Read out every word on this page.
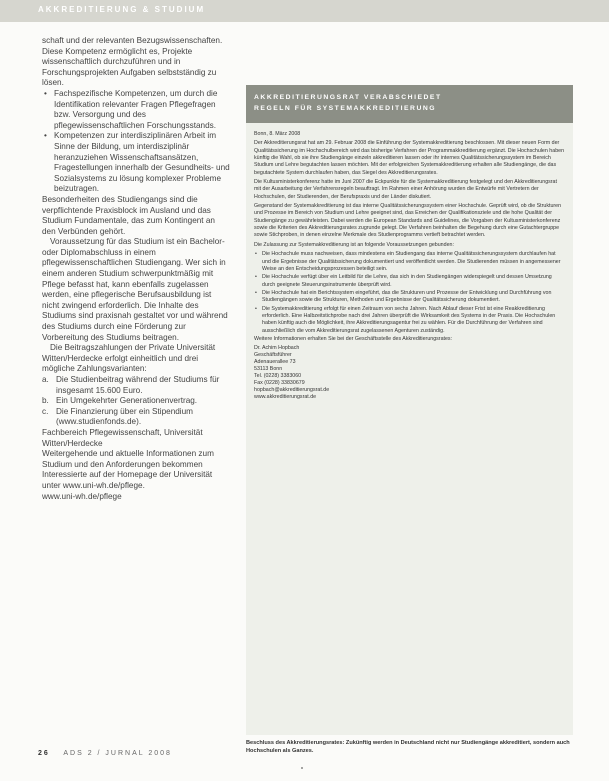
AKKREDITIERUNG & STUDIUM

schaft und der relevanten Bezugswissenschaften. Diese Kompetenz ermöglicht es, Projekte wissenschaftlich durchzuführen und in Forschungsprojekten Aufgaben selbstständig zu lösen.

• Fachspezifische Kompetenzen, um durch die Identifikation relevanter Fragen Pflegefragen bzw. Versorgung und des pflegewissenschaftlichen Forschungsstands.
• Kompetenzen zur interdisziplinären Arbeit im Sinne der Bildung, um interdisziplinär heranzuziehen Wissenschaftsansätzen, Fragestellungen innerhalb der Gesundheits- und Sozialsystems zu lösung komplexer Probleme beizutragen.

Besonderheiten des Studiengangs sind die verpflichtende Praxisblock im Ausland und das Studium Fundamentale, das zum Kontingent an den Verbünden gehört.

Voraussetzung für das Studium ist ein Bachelor- oder Diplomabschluss in einem pflegewissenschaftlichen Studiengang. Wer sich in einem anderen Studium schwerpunktmäßig mit Pflege befasst hat, kann ebenfalls zugelassen werden, eine pflegerische Berufsausbildung ist nicht zwingend erforderlich. Die Inhalte des Studiums sind praxisnah gestaltet vor und während des Studiums durch eine Förderung zur Vorbereitung des Studiums beitragen.

Die Beitragszahlungen der Private Universität Witten/Herdecke erfolgt einheitlich und drei mögliche Zahlungsvarianten:

a. Die Studienbeitrag während der Studiums für insgesamt 15.600 Euro.
b. Ein Umgekehrter Generationenvertrag.
c. Die Finanzierung über ein Stipendium (www.studienfonds.de).

Fachbereich Pflegewissenschaft, Universität Witten/Herdecke

Weitergehende und aktuelle Informationen zum Studium und den Anforderungen bekommen Interessierte auf der Homepage der Universität unter www.uni-wh.de/pflege.

www.uni-wh.de/pflege

AKKREDITIERUNGSRAT VERABSCHIEDET
REGELN FÜR SYSTEMAKKREDITIERUNG

Bonn, 8. März 2008

Der Akkreditierungsrat hat am 29. Februar 2008 die Einführung der Systemakkreditierung beschlossen. Mit dieser neuen Form der Qualitätssicherung im Hochschulbereich wird das bisherige Verfahren der Programmakkreditierung ergänzt. Die Hochschulen haben künftig die Wahl, ob sie ihre Studiengänge einzeln akkreditieren lassen oder ihr internes Qualitätssicherungssystem im Bereich Studium und Lehre begutachten lassen möchten. Mit der erfolgreichen Systemakkreditierung erhalten alle Studiengänge, die das begutachtete System durchlaufen haben, das Siegel des Akkreditierungsrates.

Die Kultusministerkonferenz hatte im Juni 2007 die Eckpunkte für die Systemakkreditierung festgelegt und den Akkreditierungsrat mit der Ausarbeitung der Verfahrensregeln beauftragt. Im Rahmen einer Anhörung wurden die Entwürfe mit Vertretern der Hochschulen, der Studierenden, der Berufspraxis und der Länder diskutiert.

Gegenstand der Systemakkreditierung ist das interne Qualitätssicherungssystem einer Hochschule. Geprüft wird, ob die Strukturen und Prozesse im Bereich von Studium und Lehre geeignet sind, das Erreichen der Qualifikationsziele und die hohe Qualität der Studiengänge zu gewährleisten. Dabei werden die European Standards and Guidelines, die Vorgaben der Kultusministerkonferenz sowie die Kriterien des Akkreditierungsrates zugrunde gelegt. Die Verfahren beinhalten die Begehung durch eine Gutachtergruppe sowie Stichproben, in denen einzelne Merkmale des Studienprogramms vertieft betrachtet werden.

Die Zulassung zur Systemakkreditierung ist an folgende Voraussetzungen gebunden:

• Die Hochschule muss nachweisen, dass mindestens ein Studiengang das interne Qualitätssicherungssystem durchlaufen hat und die Ergebnisse der Qualitätssicherung dokumentiert und veröffentlicht werden. Die Studierenden müssen in angemessener Weise an den Entscheidungsprozessen beteiligt sein.
• Die Hochschule verfügt über ein Leitbild für die Lehre, das sich in den Studiengängen widerspiegelt und dessen Umsetzung durch geeignete Steuerungsinstrumente überprüft wird.
• Die Hochschule hat ein Berichtssystem eingeführt, das die Strukturen und Prozesse der Entwicklung und Durchführung von Studiengängen sowie die Strukturen, Methoden und Ergebnisse der Qualitätssicherung dokumentiert.
• Die Systemakkreditierung erfolgt für einen Zeitraum von sechs Jahren. Nach Ablauf dieser Frist ist eine Reakkreditierung erforderlich. Eine Halbzeitstichprobe nach drei Jahren überprüft die Wirksamkeit des Systems in der Praxis. Die Hochschulen haben künftig auch die Möglichkeit, ihre Akkreditierungsagentur frei zu wählen. Für die Durchführung der Verfahren sind ausschließlich die vom Akkreditierungsrat zugelassenen Agenturen zuständig.

Weitere Informationen erhalten Sie bei der Geschäftsstelle des Akkreditierungsrates:

Dr. Achim Hopbach
Geschäftsführer
Adenauerallee 73
53113 Bonn
Tel. (0228) 3383060
Fax (0228) 33830679
hopbach@akkreditierungsrat.de
www.akkreditierungsrat.de
Beschluss des Akkreditierungsrates: Zukünftig werden in Deutschland nicht nur Studiengänge akkreditiert, sondern auch Hochschulen als Ganzes.
26 ADS 2 / JURNAL 2008
